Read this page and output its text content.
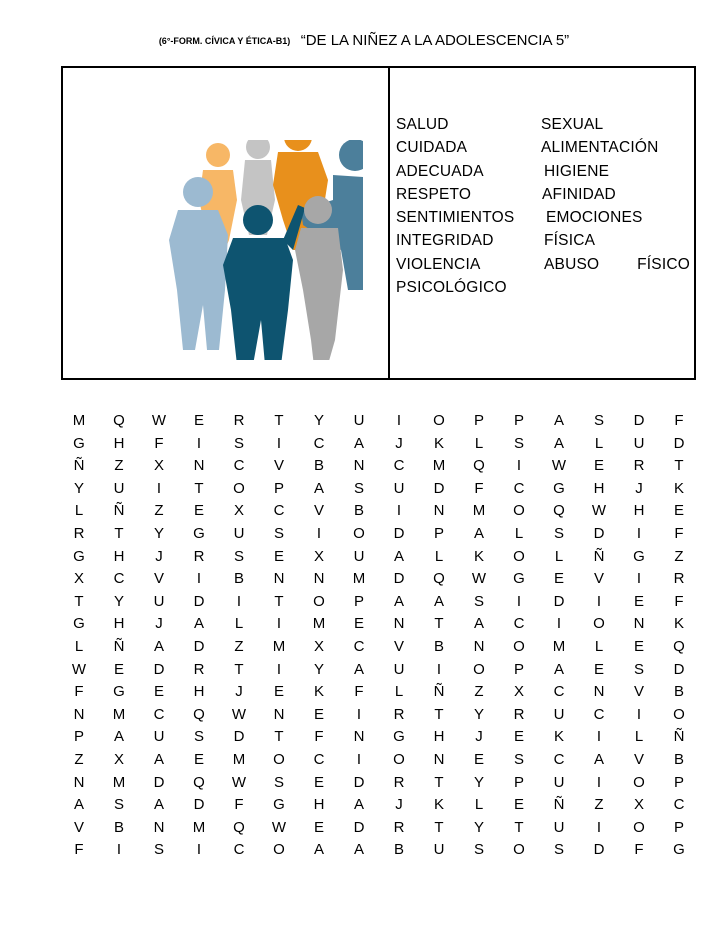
(6°-FORM. CÍVICA Y ÉTICA-B1) “DE LA NIÑEZ A LA ADOLESCENCIA 5”
SALUD	SEXUAL
CUIDADA	ALIMENTACIÓN
ADECUADA	HIGIENE
RESPETO	AFINIDAD
SENTIMIENTOS EMOCIONES
INTEGRIDAD	FÍSICA
VIOLENCIA	ABUSO FÍSICO
PSICOLÓGICO
M	Q	W	E	R	T	Y	U	I	O	P	P	A	S	D	F
G	H	F	I	S	I	C	A	J	K	L	S	A	L	U	D
Ñ	Z	X	N	C	V	B	N	C	M	Q	I	W	E	R	T
Y	U	I	T	O	P	A	S	U	D	F	C	G	H	J	K
L	Ñ	Z	E	X	C	V	B	I	N	M	O	Q	W	H	E
R	T	Y	G	U	S	I	O	D	P	A	L	S	D	I	F
G	H	J	R	S	E	X	U	A	L	K	O	L	Ñ	G	Z
X	C	V	I	B	N	N	M	D	Q	W	G	E	V	I	R
T	Y	U	D	I	T	O	P	A	A	S	I	D	I	E	F
G	H	J	A	L	I	M	E	N	T	A	C	I	O	N	K
L	Ñ	A	D	Z	M	X	C	V	B	N	O	M	L	E	Q
W	E	D	R	T	I	Y	A	U	I	O	P	A	E	S	D
F	G	E	H	J	E	K	F	L	Ñ	Z	X	C	N	V	B
N	M	C	Q	W	N	E	I	R	T	Y	R	U	C	I	O
P	A	U	S	D	T	F	N	G	H	J	E	K	I	L	Ñ
Z	X	A	E	M	O	C	I	O	N	E	S	C	A	V	B
N	M	D	Q	W	S	E	D	R	T	Y	P	U	I	O	P
A	S	A	D	F	G	H	A	J	K	L	E	Ñ	Z	X	C
V	B	N	M	Q	W	E	D	R	T	Y	T	U	I	O	P
F	I	S	I	C	O	A	A	B	U	S	O	S	D	F	G
